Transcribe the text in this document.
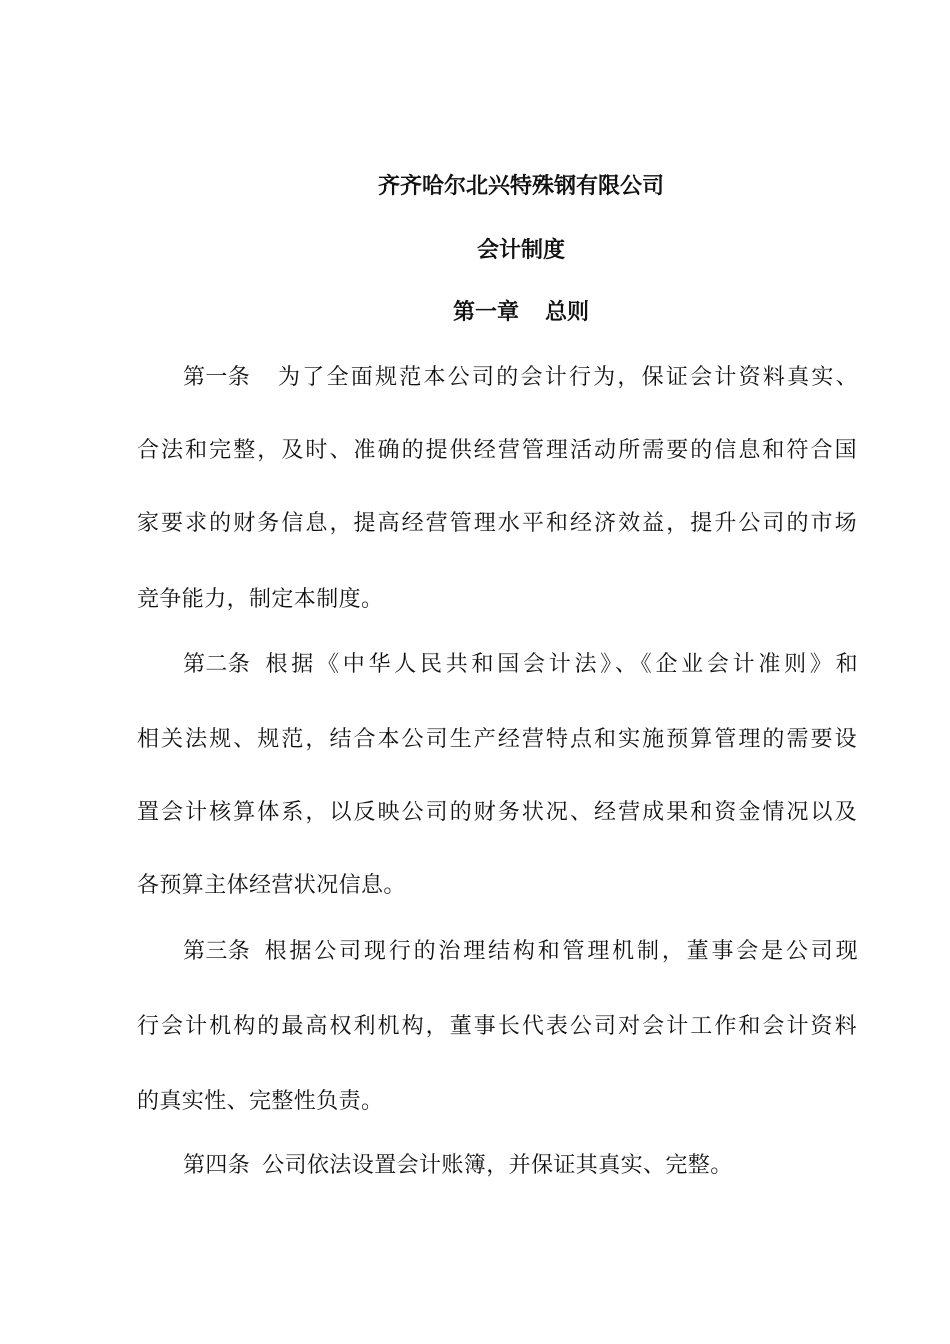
齐齐哈尔北兴特殊钢有限公司
会计制度
第一章 总则
第一条 为了全面规范本公司的会计行为，保证会计资料真实、
合法和完整，及时、准确的提供经营管理活动所需要的信息和符合国
家要求的财务信息，提高经营管理水平和经济效益，提升公司的市场
竞争能力，制定本制度。
第二条 根据《中华人民共和国会计法》、《企业会计准则》和
相关法规、规范，结合本公司生产经营特点和实施预算管理的需要设
置会计核算体系，以反映公司的财务状况、经营成果和资金情况以及
各预算主体经营状况信息。
第三条 根据公司现行的治理结构和管理机制，董事会是公司现
行会计机构的最高权利机构，董事长代表公司对会计工作和会计资料
的真实性、完整性负责。
第四条 公司依法设置会计账簿，并保证其真实、完整。
